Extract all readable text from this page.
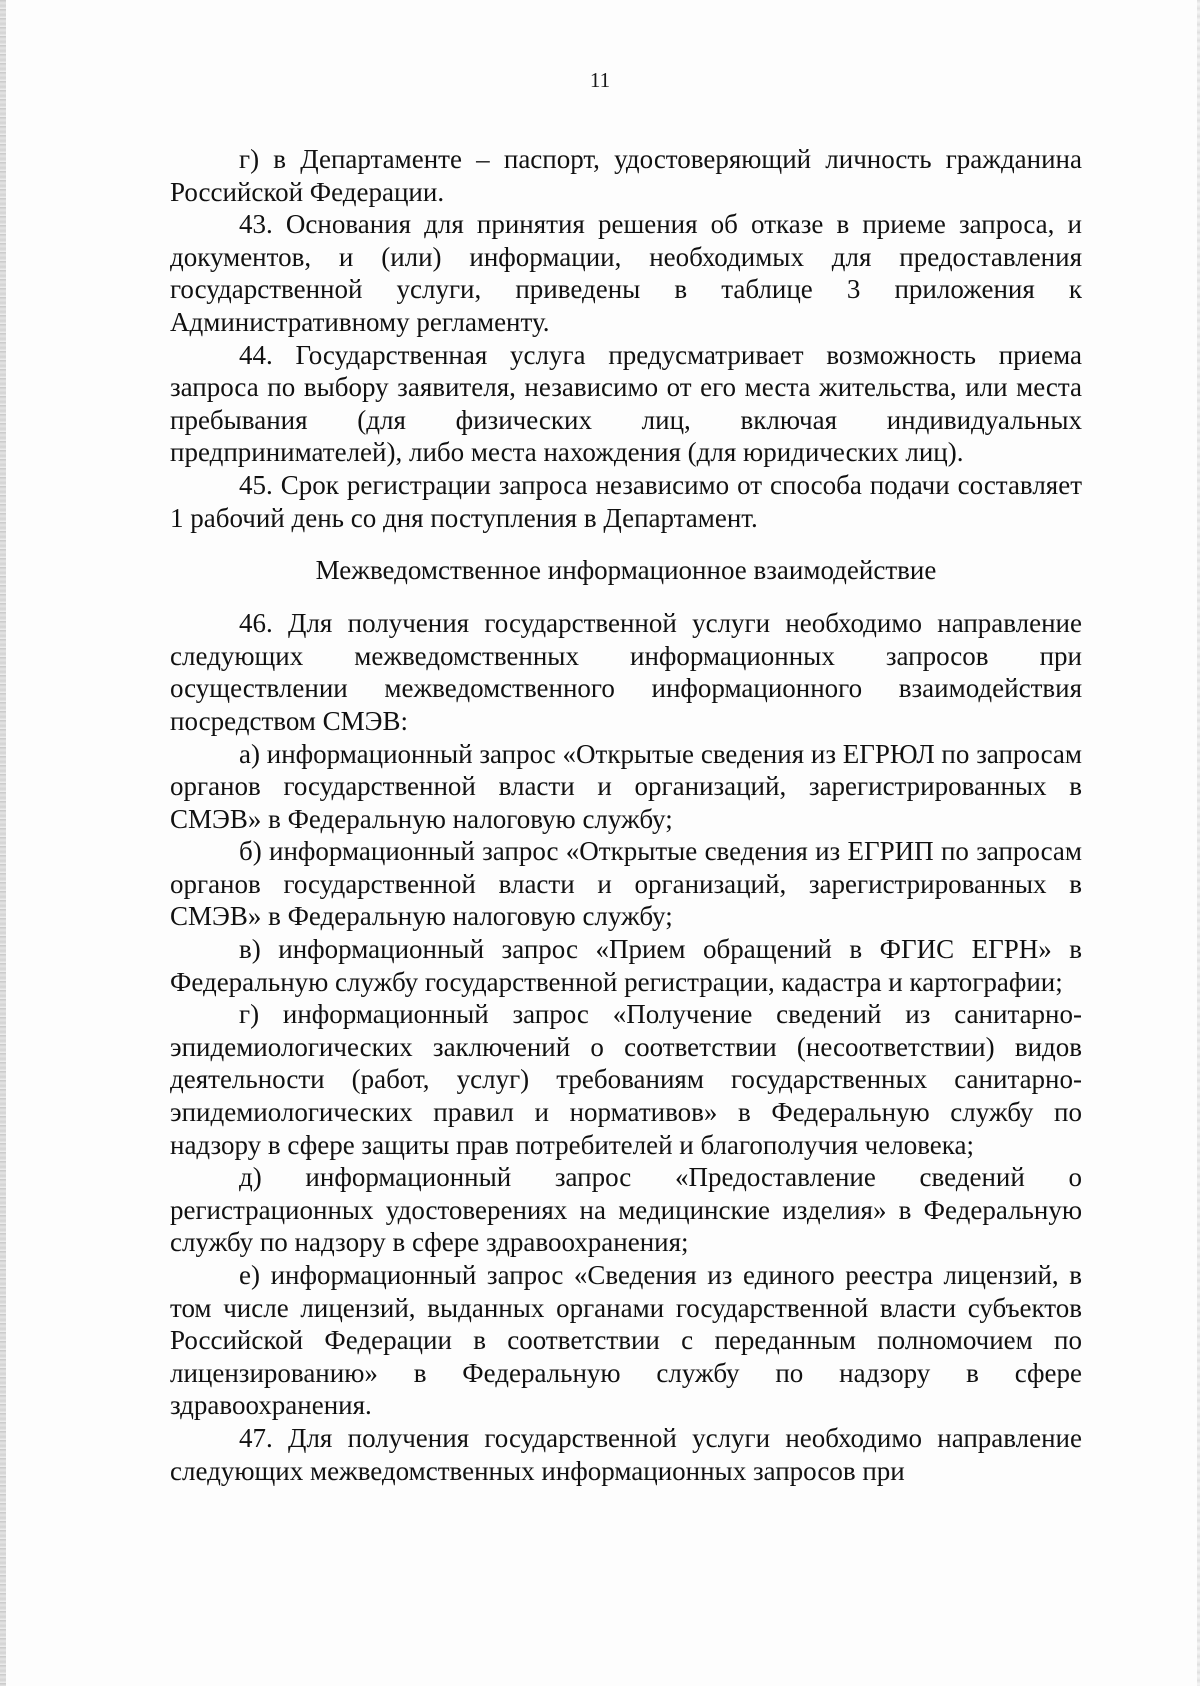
11

г) в Департаменте – паспорт, удостоверяющий личность гражданина Российской Федерации.

43. Основания для принятия решения об отказе в приеме запроса, и документов, и (или) информации, необходимых для предоставления государственной услуги, приведены в таблице 3 приложения к Административному регламенту.

44. Государственная услуга предусматривает возможность приема запроса по выбору заявителя, независимо от его места жительства, или места пребывания (для физических лиц, включая индивидуальных предпринимателей), либо места нахождения (для юридических лиц).

45. Срок регистрации запроса независимо от способа подачи составляет 1 рабочий день со дня поступления в Департамент.

Межведомственное информационное взаимодействие

46. Для получения государственной услуги необходимо направление следующих межведомственных информационных запросов при осуществлении межведомственного информационного взаимодействия посредством СМЭВ:

а) информационный запрос «Открытые сведения из ЕГРЮЛ по запросам органов государственной власти и организаций, зарегистрированных в СМЭВ» в Федеральную налоговую службу;

б) информационный запрос «Открытые сведения из ЕГРИП по запросам органов государственной власти и организаций, зарегистрированных в СМЭВ» в Федеральную налоговую службу;

в) информационный запрос «Прием обращений в ФГИС ЕГРН» в Федеральную службу государственной регистрации, кадастра и картографии;

г) информационный запрос «Получение сведений из санитарно-эпидемиологических заключений о соответствии (несоответствии) видов деятельности (работ, услуг) требованиям государственных санитарно-эпидемиологических правил и нормативов» в Федеральную службу по надзору в сфере защиты прав потребителей и благополучия человека;

д) информационный запрос «Предоставление сведений о регистрационных удостоверениях на медицинские изделия» в Федеральную службу по надзору в сфере здравоохранения;

е) информационный запрос «Сведения из единого реестра лицензий, в том числе лицензий, выданных органами государственной власти субъектов Российской Федерации в соответствии с переданным полномочием по лицензированию» в Федеральную службу по надзору в сфере здравоохранения.

47. Для получения государственной услуги необходимо направление следующих межведомственных информационных запросов при
